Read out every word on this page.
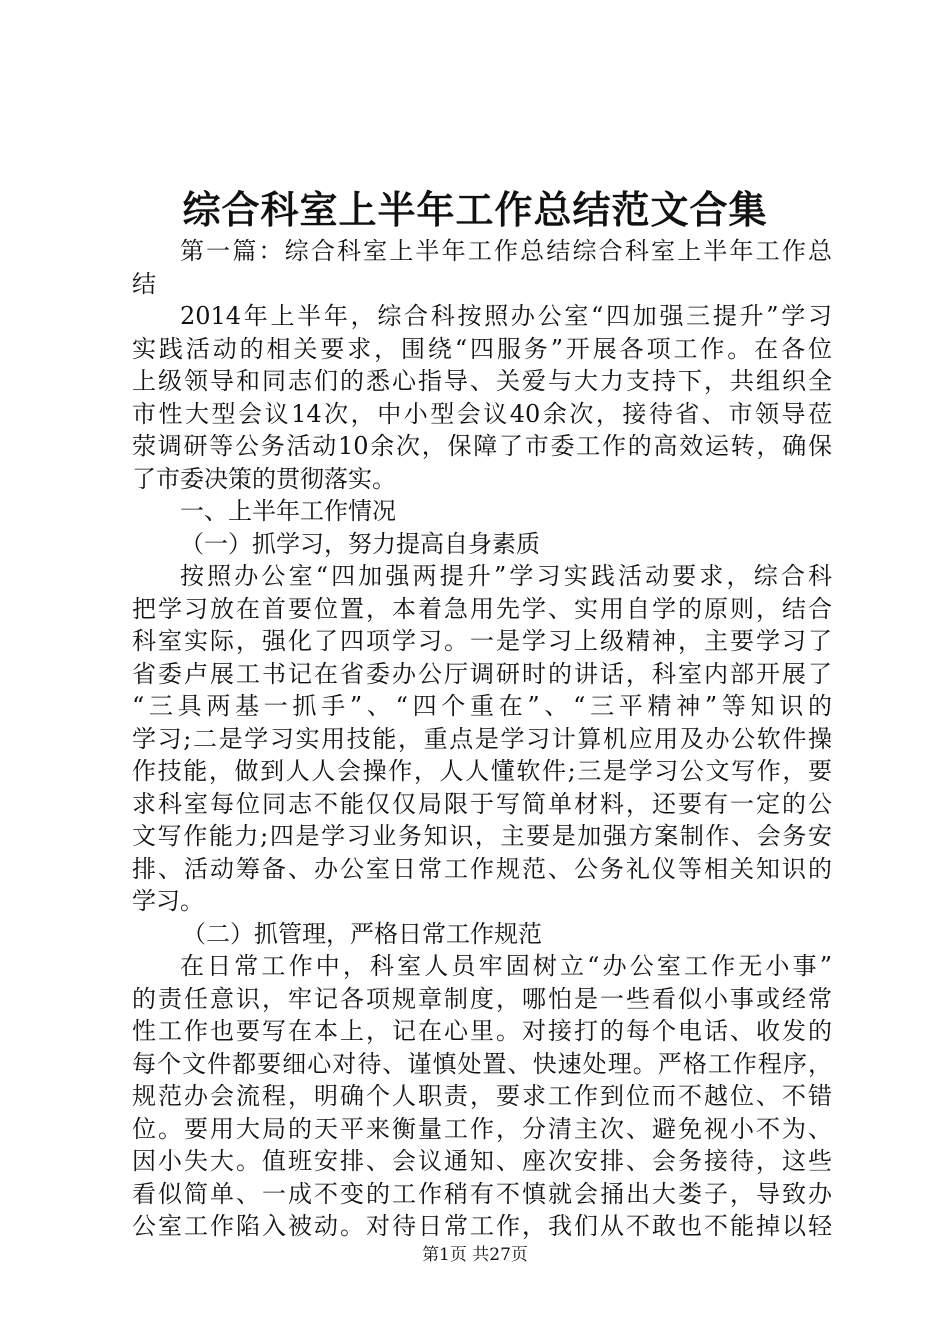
综合科室上半年工作总结范文合集
第一篇：综合科室上半年工作总结综合科室上半年工作总
结
2014年上半年，综合科按照办公室“四加强三提升”学习
实践活动的相关要求，围绕“四服务”开展各项工作。在各位
上级领导和同志们的悉心指导、关爱与大力支持下，共组织全
市性大型会议14次，中小型会议40余次，接待省、市领导莅
荥调研等公务活动10余次，保障了市委工作的高效运转，确保
了市委决策的贯彻落实。
一、上半年工作情况
（一）抓学习，努力提高自身素质
按照办公室“四加强两提升”学习实践活动要求，综合科
把学习放在首要位置，本着急用先学、实用自学的原则，结合
科室实际，强化了四项学习。一是学习上级精神，主要学习了
省委卢展工书记在省委办公厅调研时的讲话，科室内部开展了
“三具两基一抓手”、“四个重在”、“三平精神”等知识的
学习;二是学习实用技能，重点是学习计算机应用及办公软件操
作技能，做到人人会操作，人人懂软件;三是学习公文写作，要
求科室每位同志不能仅仅局限于写简单材料，还要有一定的公
文写作能力;四是学习业务知识，主要是加强方案制作、会务安
排、活动筹备、办公室日常工作规范、公务礼仪等相关知识的
学习。
（二）抓管理，严格日常工作规范
在日常工作中，科室人员牢固树立“办公室工作无小事”
的责任意识，牢记各项规章制度，哪怕是一些看似小事或经常
性工作也要写在本上，记在心里。对接打的每个电话、收发的
每个文件都要细心对待、谨慎处置、快速处理。严格工作程序，
规范办会流程，明确个人职责，要求工作到位而不越位、不错
位。要用大局的天平来衡量工作，分清主次、避免视小不为、
因小失大。值班安排、会议通知、座次安排、会务接待，这些
看似简单、一成不变的工作稍有不慎就会捅出大娄子，导致办
公室工作陷入被动。对待日常工作，我们从不敢也不能掉以轻
第1页 共27页
